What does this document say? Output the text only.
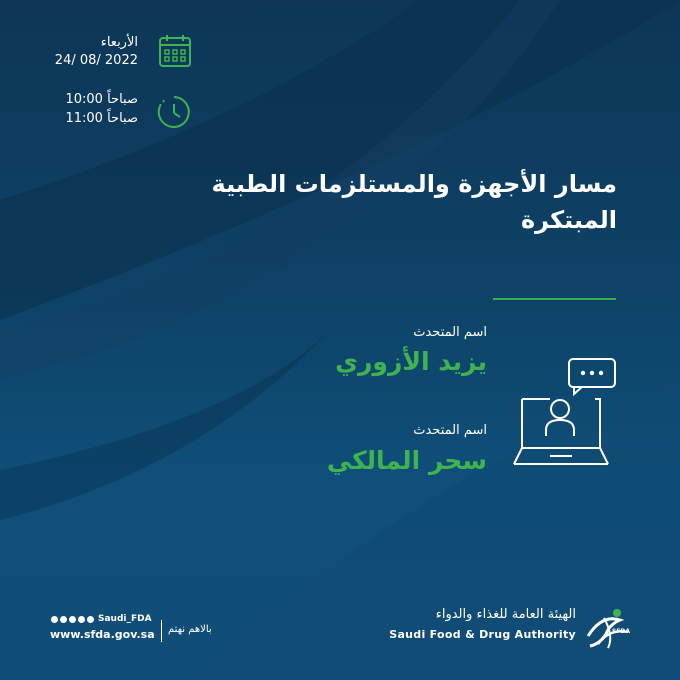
الأربعاء
24/ 08/ 2022
10:00 صباحاً
11:00 صباحاً
مسار الأجهزة والمستلزمات الطبية
المبتكرة
اسم المتحدث
يزيد الأزوري
اسم المتحدث
سحر المالكي
Saudi_FDA
www.sfda.gov.sa بالاهم نهتم
الهيئة العامة للغذاء والدواء
Saudi Food & Drug Authority	SFDA
